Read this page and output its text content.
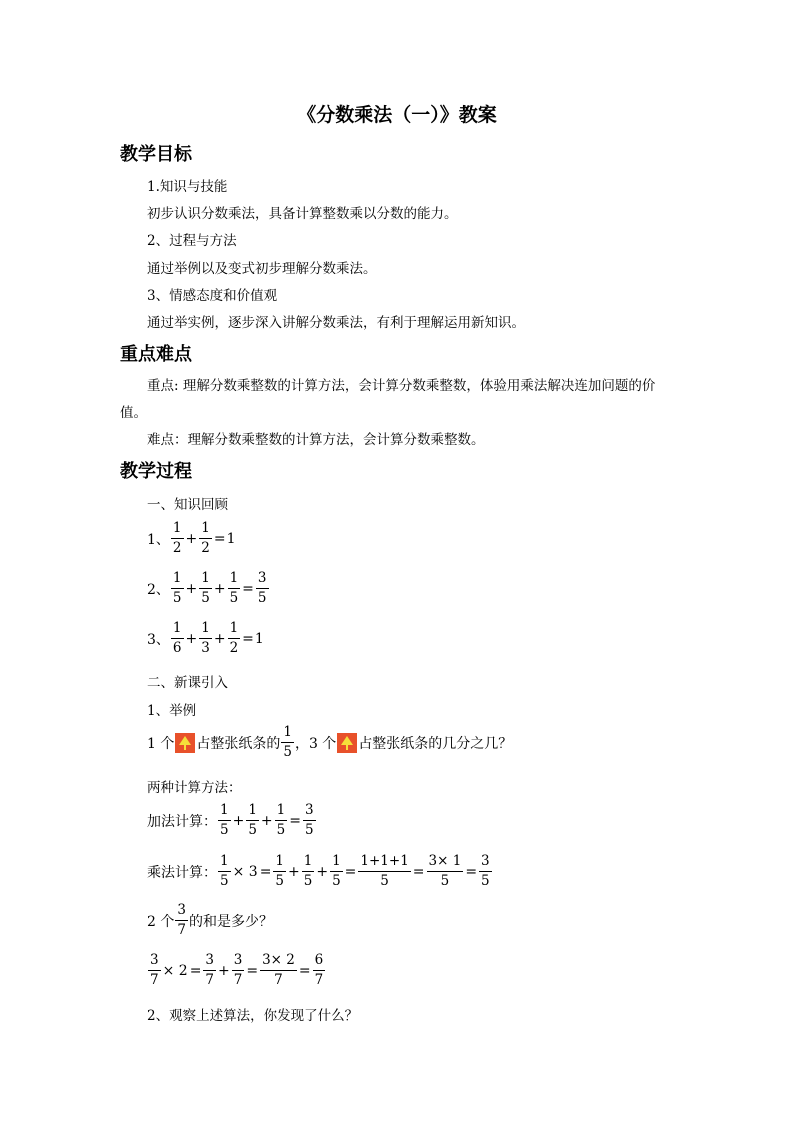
《分数乘法（一）》教案
教学目标
1.知识与技能
初步认识分数乘法，具备计算整数乘以分数的能力。
2、过程与方法
通过举例以及变式初步理解分数乘法。
3、情感态度和价值观
通过举实例，逐步深入讲解分数乘法，有利于理解运用新知识。
重点难点
重点: 理解分数乘整数的计算方法，会计算分数乘整数，体验用乘法解决连加问题的价
值。
难点：理解分数乘整数的计算方法，会计算分数乘整数。
教学过程
一、知识回顾
1、 $\frac{1}{2} + \frac{1}{2} = 1$
2、 $\frac{1}{5} + \frac{1}{5} + \frac{1}{5} = \frac{3}{5}$
3、 $\frac{1}{6} + \frac{1}{3} + \frac{1}{2} = 1$
二、新课引入
1、举例
1 个 占整张纸条的 $\frac{1}{5}$ ，3 个 占整张纸条的几分之几？
两种计算方法：
加法计算： $\frac{1}{5} + \frac{1}{5} + \frac{1}{5} = \frac{3}{5}$
乘法计算： $\frac{1}{5} \times 3 = \frac{1}{5} + \frac{1}{5} + \frac{1}{5} = \frac{1+1+1}{5} = \frac{3\times 1}{5} = \frac{3}{5}$
2 个 $\frac{3}{7}$ 的和是多少？
$\frac{3}{7} \times 2 = \frac{3}{7} + \frac{3}{7} = \frac{3\times 2}{7} = \frac{6}{7}$
2、观察上述算法，你发现了什么？
